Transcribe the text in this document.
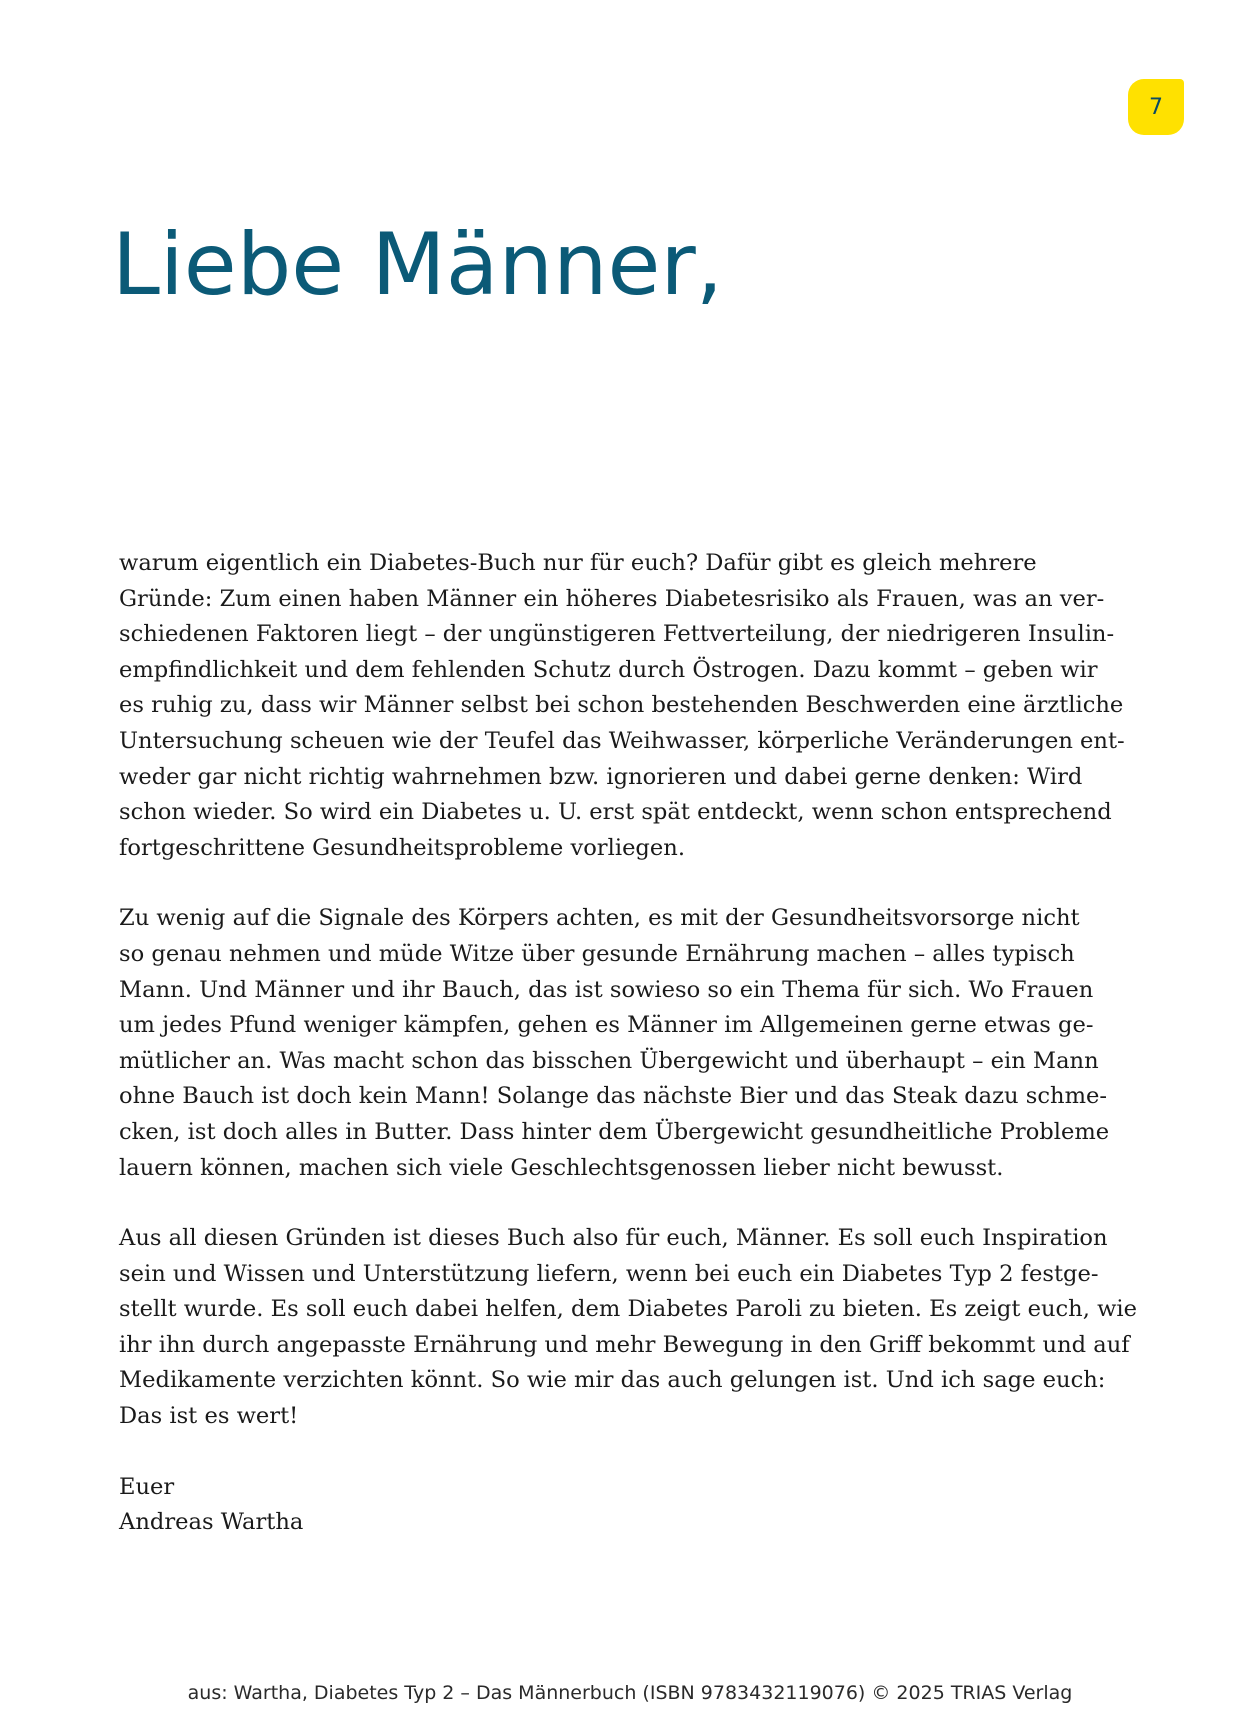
7
Liebe Männer,

warum eigentlich ein Diabetes-Buch nur für euch? Dafür gibt es gleich mehrere
Gründe: Zum einen haben Männer ein höheres Diabetesrisiko als Frauen, was an ver-
schiedenen Faktoren liegt – der ungünstigeren Fettverteilung, der niedrigeren Insulin-
empfindlichkeit und dem fehlenden Schutz durch Östrogen. Dazu kommt – geben wir
es ruhig zu, dass wir Männer selbst bei schon bestehenden Beschwerden eine ärztliche
Untersuchung scheuen wie der Teufel das Weihwasser, körperliche Veränderungen ent-
weder gar nicht richtig wahrnehmen bzw. ignorieren und dabei gerne denken: Wird
schon wieder. So wird ein Diabetes u. U. erst spät entdeckt, wenn schon entsprechend
fortgeschrittene Gesundheitsprobleme vorliegen.

Zu wenig auf die Signale des Körpers achten, es mit der Gesundheitsvorsorge nicht
so genau nehmen und müde Witze über gesunde Ernährung machen – alles typisch
Mann. Und Männer und ihr Bauch, das ist sowieso so ein Thema für sich. Wo Frauen
um jedes Pfund weniger kämpfen, gehen es Männer im Allgemeinen gerne etwas ge-
mütlicher an. Was macht schon das bisschen Übergewicht und überhaupt – ein Mann
ohne Bauch ist doch kein Mann! Solange das nächste Bier und das Steak dazu schme-
cken, ist doch alles in Butter. Dass hinter dem Übergewicht gesundheitliche Probleme
lauern können, machen sich viele Geschlechtsgenossen lieber nicht bewusst.

Aus all diesen Gründen ist dieses Buch also für euch, Männer. Es soll euch Inspiration
sein und Wissen und Unterstützung liefern, wenn bei euch ein Diabetes Typ 2 festge-
stellt wurde. Es soll euch dabei helfen, dem Diabetes Paroli zu bieten. Es zeigt euch, wie
ihr ihn durch angepasste Ernährung und mehr Bewegung in den Griff bekommt und auf
Medikamente verzichten könnt. So wie mir das auch gelungen ist. Und ich sage euch:
Das ist es wert!

Euer
Andreas Wartha

aus: Wartha, Diabetes Typ 2 – Das Männerbuch (ISBN 9783432119076) © 2025 TRIAS Verlag
